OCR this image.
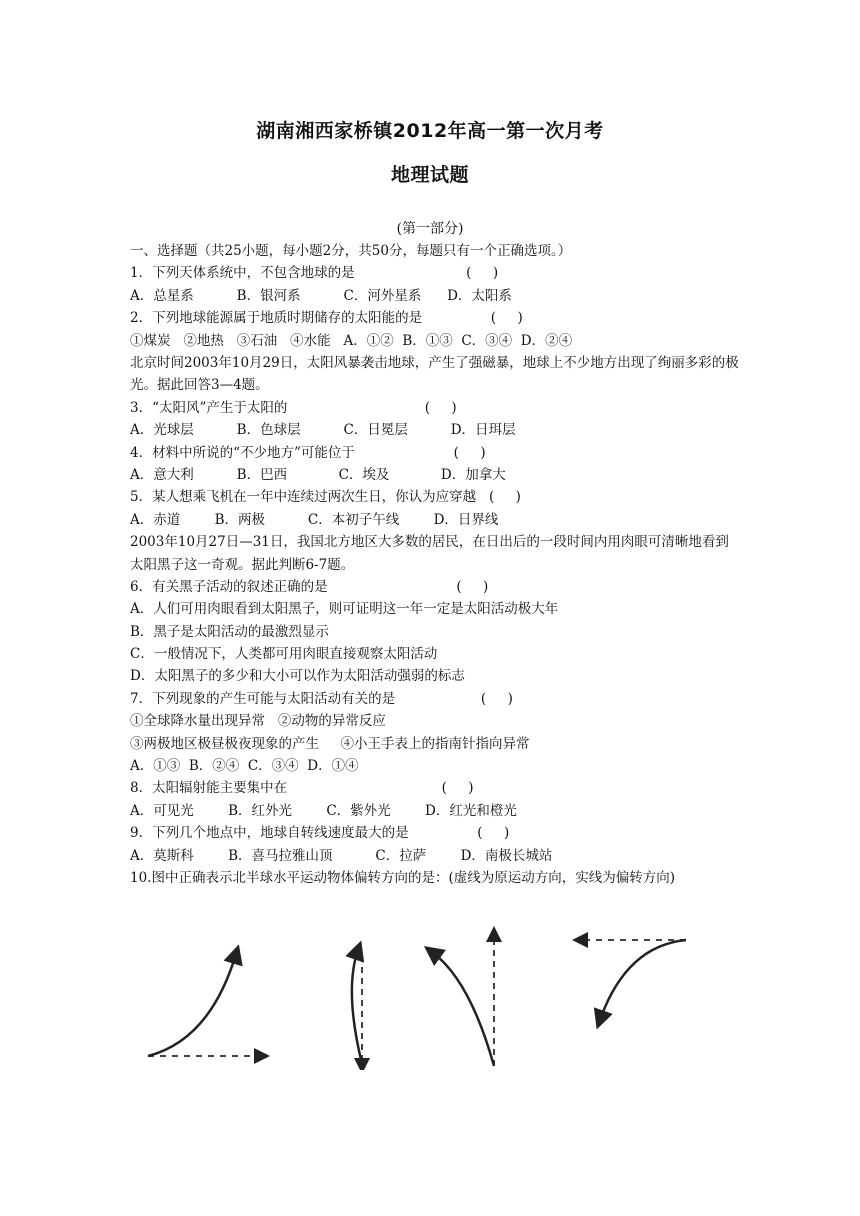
湖南湘西家桥镇2012年高一第一次月考
地理试题
(第一部分)
一、选择题（共25小题，每小题2分，共50分，每题只有一个正确选项。）
1．下列天体系统中，不包含地球的是                          (     )
A．总星系          B．银河系          C．河外星系      D．太阳系
2．下列地球能源属于地质时期储存的太阳能的是                (     )
①煤炭   ②地热   ③石油   ④水能   A．①②  B．①③  C．③④  D．②④
北京时间2003年10月29日，太阳风暴袭击地球，产生了强磁暴，地球上不少地方出现了绚丽多彩的极光。据此回答3—4题。
3．“太阳风”产生于太阳的                                (     )
A．光球层          B．色球层          C．日冕层          D．日珥层
4．材料中所说的“不少地方”可能位于                       (     )
A．意大利          B．巴西            C．埃及            D．加拿大
5．某人想乘飞机在一年中连续过两次生日，你认为应穿越   (     )
A．赤道        B．两极          C．本初子午线        D．日界线
2003年10月27日—31日，我国北方地区大多数的居民，在日出后的一段时间内用肉眼可清晰地看到太阳黑子这一奇观。据此判断6-7题。
6．有关黑子活动的叙述正确的是                              (     )
A．人们可用肉眼看到太阳黑子，则可证明这一年一定是太阳活动极大年
B．黑子是太阳活动的最激烈显示
C．一般情况下，人类都可用肉眼直接观察太阳活动
D．太阳黑子的多少和大小可以作为太阳活动强弱的标志
7．下列现象的产生可能与太阳活动有关的是                    (     )
①全球降水量出现异常   ②动物的异常反应
③两极地区极昼极夜现象的产生     ④小王手表上的指南针指向异常
A．①③  B．②④  C．③④  D．①④
8．太阳辐射能主要集中在                                    (     )
A．可见光        B．红外光        C．紫外光        D．红光和橙光
9．下列几个地点中，地球自转线速度最大的是                (     )
A．莫斯科        B．喜马拉雅山顶          C．拉萨        D．南极长城站
10.图中正确表示北半球水平运动物体偏转方向的是：(虚线为原运动方向，实线为偏转方向)
